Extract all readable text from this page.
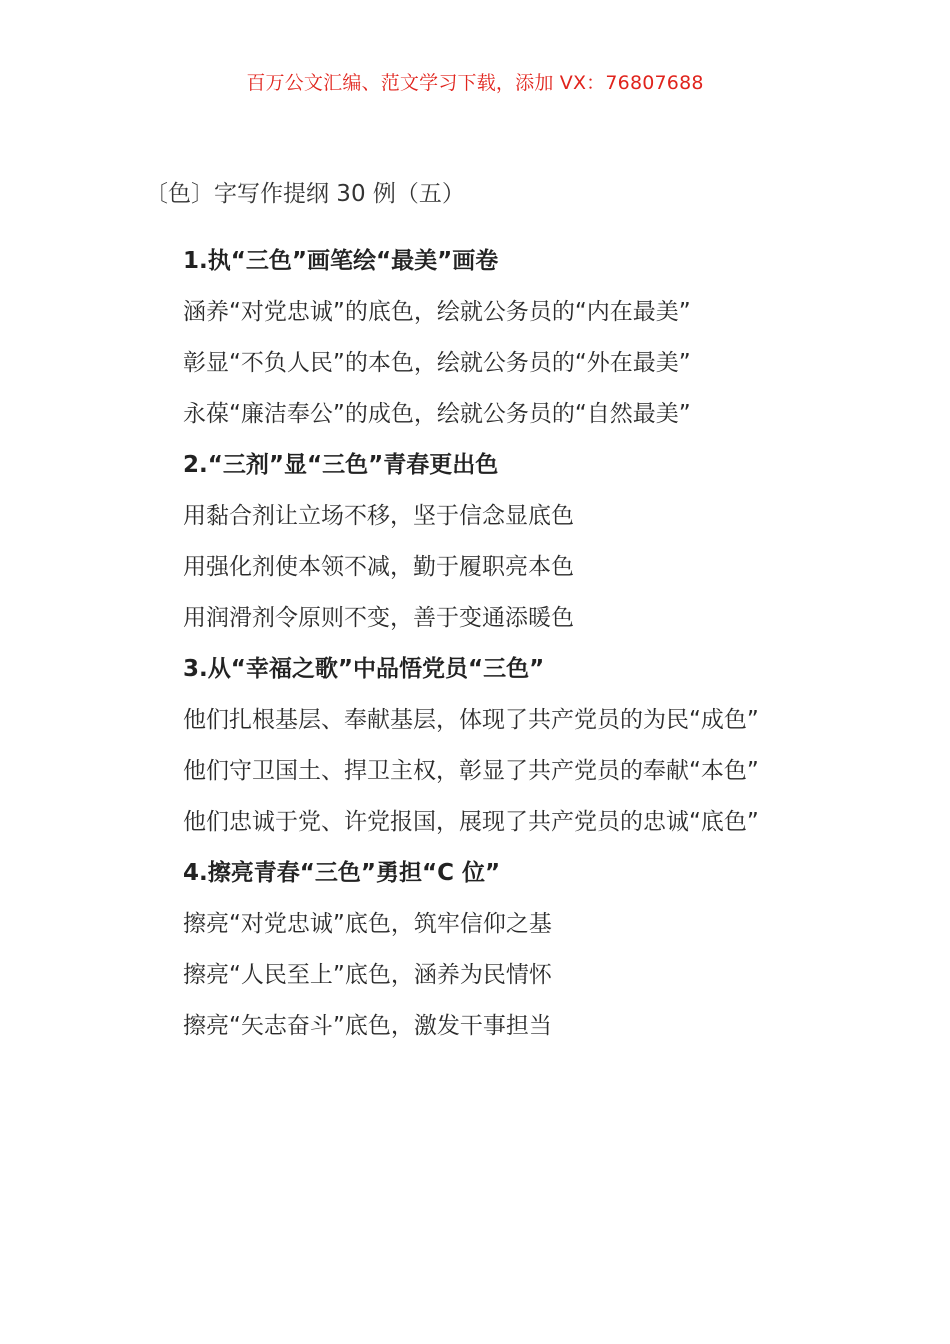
百万公文汇编、范文学习下载，添加 VX：76807688
〔色〕字写作提纲 30 例（五）
1.执“三色”画笔绘“最美”画卷
涵养“对党忠诚”的底色，绘就公务员的“内在最美”
彰显“不负人民”的本色，绘就公务员的“外在最美”
永葆“廉洁奉公”的成色，绘就公务员的“自然最美”
2.“三剂”显“三色”青春更出色
用黏合剂让立场不移，坚于信念显底色
用强化剂使本领不减，勤于履职亮本色
用润滑剂令原则不变，善于变通添暖色
3.从“幸福之歌”中品悟党员“三色”
他们扎根基层、奉献基层，体现了共产党员的为民“成色”
他们守卫国土、捍卫主权，彰显了共产党员的奉献“本色”
他们忠诚于党、许党报国，展现了共产党员的忠诚“底色”
4.擦亮青春“三色”勇担“C 位”
擦亮“对党忠诚”底色，筑牢信仰之基
擦亮“人民至上”底色，涵养为民情怀
擦亮“矢志奋斗”底色，激发干事担当
